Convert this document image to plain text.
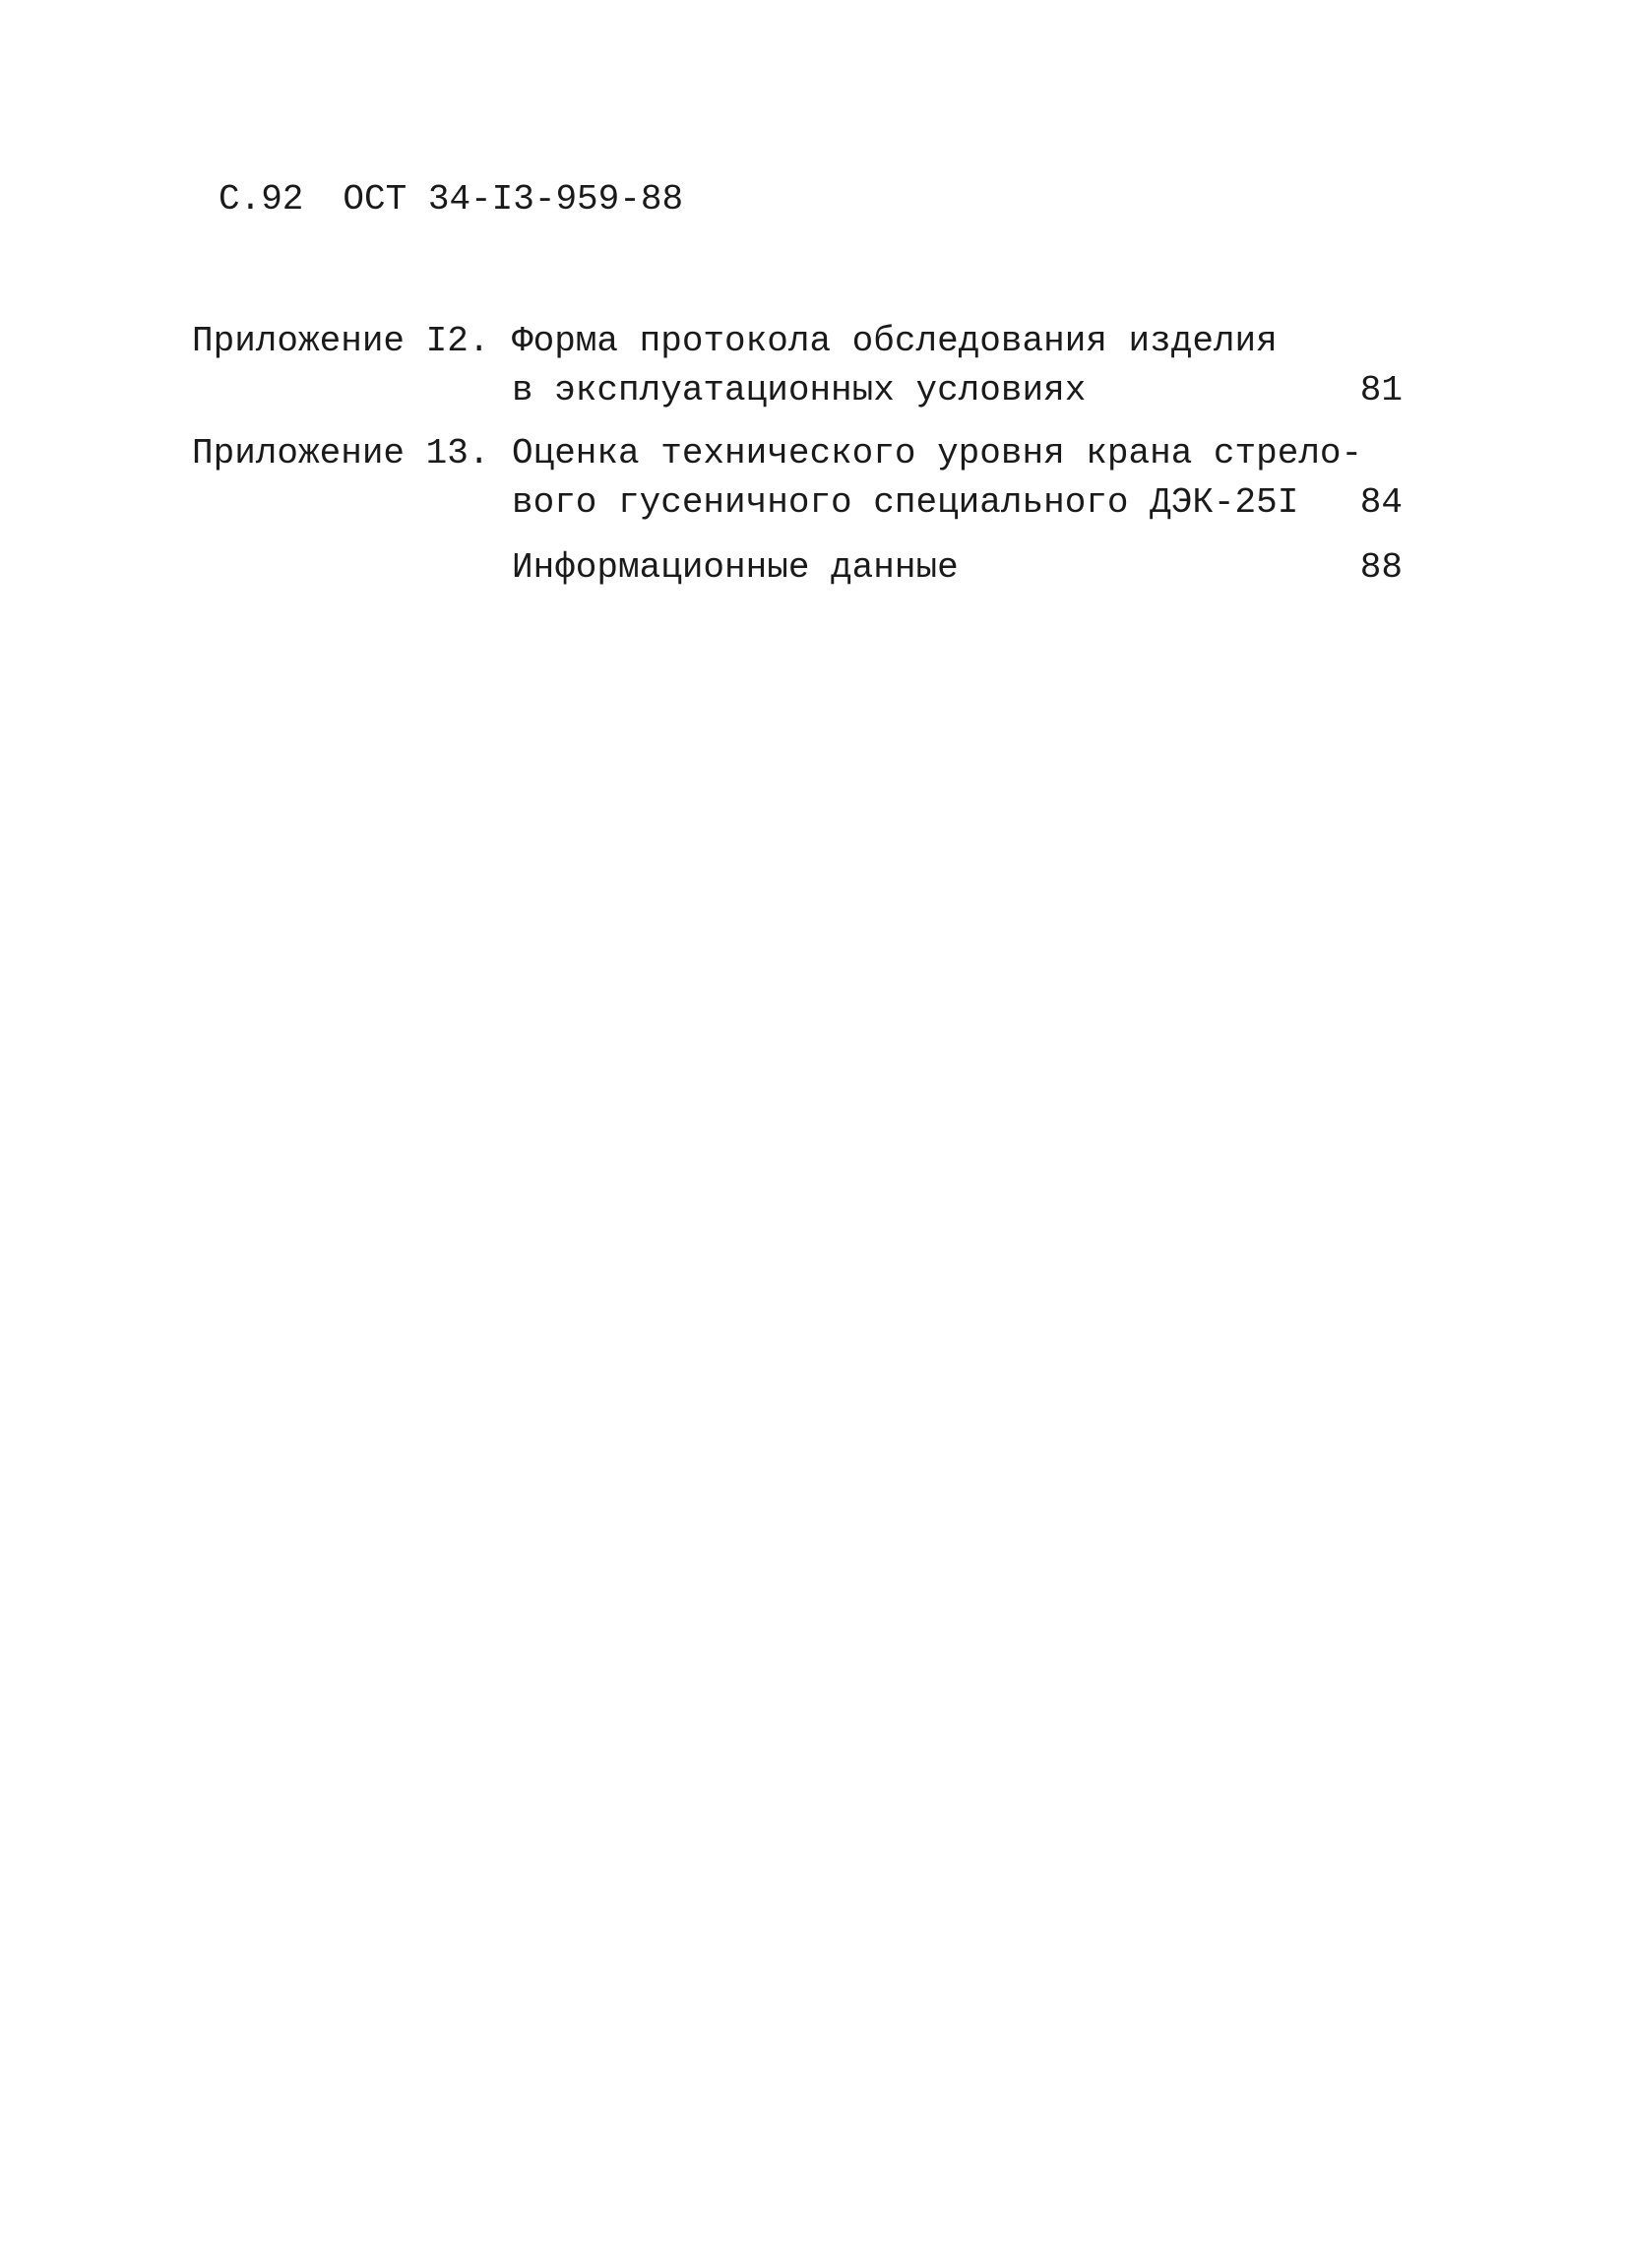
С.92 ОСТ 34-I3-959-88
Приложение I2. Форма протокола обследования изделия
в эксплуатационных условиях	81
Приложение 13. Оценка технического уровня крана стрело-
вого гусеничного специального ДЭК-25I	84
Информационные данные	88
